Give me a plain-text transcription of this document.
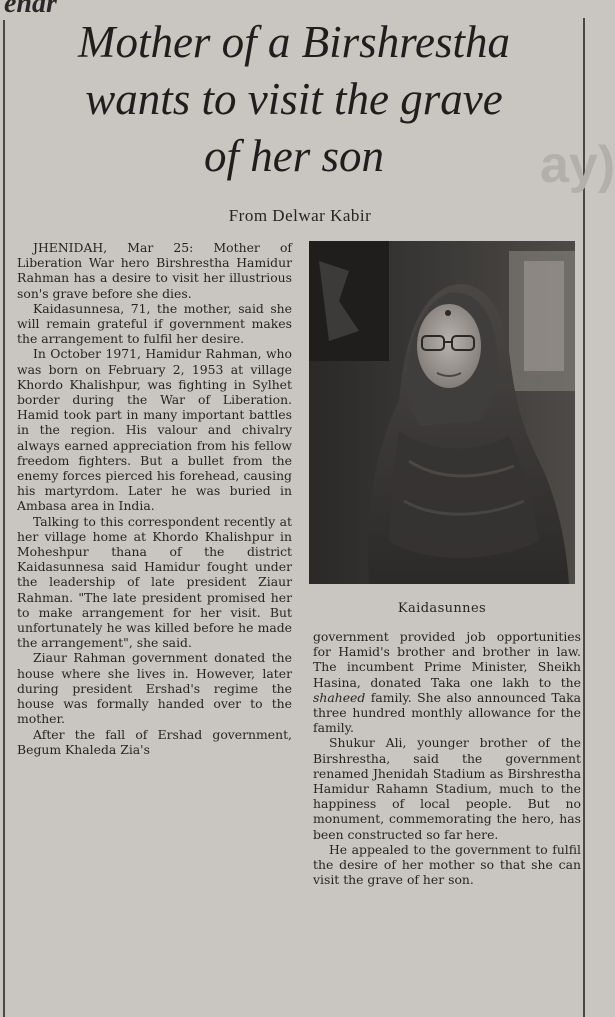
enar
ay)
Mother of a Birshrestha
wants to visit the grave
of her son
From Delwar Kabir

JHENIDAH, Mar 25: Mother of Liberation War hero Birshrestha Hamidur Rahman has a desire to visit her illustrious son's grave before she dies.

Kaidasunnesa, 71, the mother, said she will remain grateful if government makes the arrangement to fulfil her desire.

In October 1971, Hamidur Rahman, who was born on February 2, 1953 at village Khordo Khalishpur, was fighting in Sylhet border during the War of Liberation. Hamid took part in many important battles in the region. His valour and chivalry always earned appreciation from his fellow freedom fighters. But a bullet from the enemy forces pierced his forehead, causing his martyrdom. Later he was buried in Ambasa area in India.

Talking to this correspondent recently at her village home at Khordo Khalishpur in Moheshpur thana of the district Kaidasunnesa said Hamidur fought under the leadership of late president Ziaur Rahman. "The late president promised her to make arrangement for her visit. But unfortunately he was killed before he made the arrangement", she said.

Ziaur Rahman government donated the house where she lives in. However, later during president Ershad's regime the house was formally handed over to the mother.

After the fall of Ershad government, Begum Khaleda Zia's

Kaidasunnes

government provided job opportunities for Hamid's brother and brother in law. The incumbent Prime Minister, Sheikh Hasina, donated Taka one lakh to the shaheed family. She also announced Taka three hundred monthly allowance for the family.

Shukur Ali, younger brother of the Birshrestha, said the government renamed Jhenidah Stadium as Birshrestha Hamidur Rahamn Stadium, much to the happiness of local people. But no monument, commemorating the hero, has been constructed so far here.

He appealed to the government to fulfil the desire of her mother so that she can visit the grave of her son.
